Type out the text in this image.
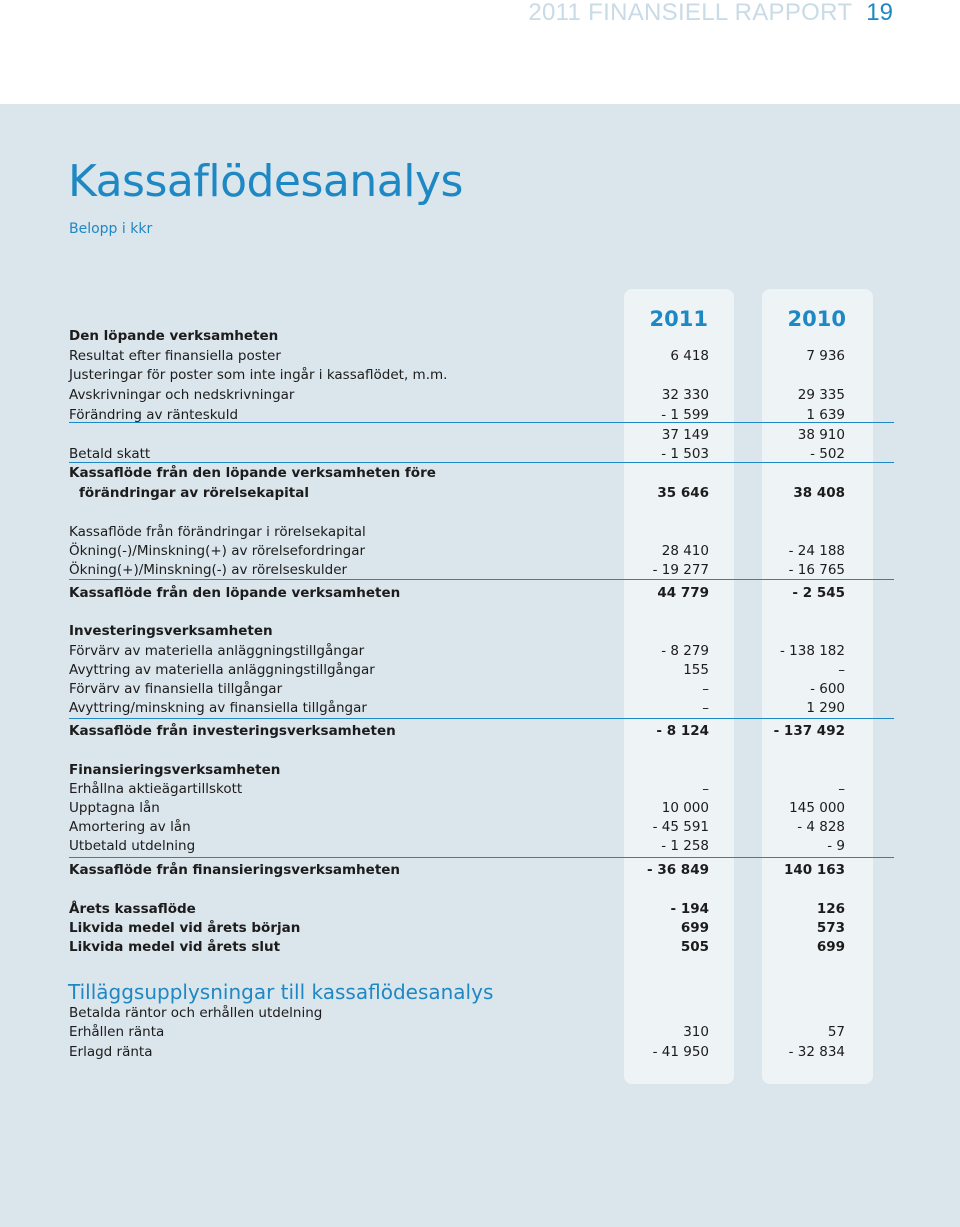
2011 FINANSIELL RAPPORT 19
Kassaflödesanalys
Belopp i kkr
2011	2010
Den löpande verksamheten
Resultat efter finansiella poster	6 418	7 936
Justeringar för poster som inte ingår i kassaflödet, m.m.
Avskrivningar och nedskrivningar	32 330	29 335
Förändring av ränteskuld	- 1 599	1 639
37 149	38 910
Betald skatt	- 1 503	- 502
Kassaflöde från den löpande verksamheten före
förändringar av rörelsekapital	35 646	38 408
Kassaflöde från förändringar i rörelsekapital
Ökning(-)/Minskning(+) av rörelsefordringar	28 410	- 24 188
Ökning(+)/Minskning(-) av rörelseskulder	- 19 277	- 16 765
Kassaflöde från den löpande verksamheten	44 779	- 2 545
Investeringsverksamheten
Förvärv av materiella anläggningstillgångar	- 8 279	- 138 182
Avyttring av materiella anläggningstillgångar	155	–
Förvärv av finansiella tillgångar	–	- 600
Avyttring/minskning av finansiella tillgångar	–	1 290
Kassaflöde från investeringsverksamheten	- 8 124	- 137 492
Finansieringsverksamheten
Erhållna aktieägartillskott	–	–
Upptagna lån	10 000	145 000
Amortering av lån	- 45 591	- 4 828
Utbetald utdelning	- 1 258	- 9
Kassaflöde från finansieringsverksamheten	- 36 849	140 163
Årets kassaflöde	- 194	126
Likvida medel vid årets början	699	573
Likvida medel vid årets slut	505	699
Betalda räntor och erhållen utdelning
Erhållen ränta	310	57
Erlagd ränta	- 41 950	- 32 834
Tilläggsupplysningar till kassaflödesanalys
